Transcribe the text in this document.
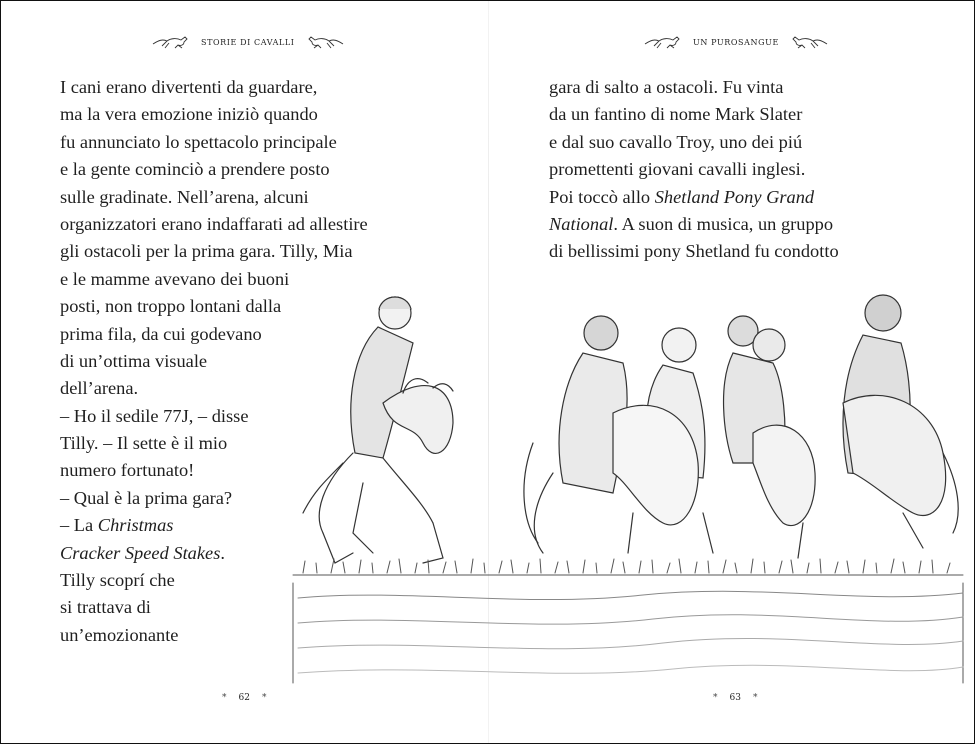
STORIE DI CAVALLI	UN PUROSANGUE
I cani erano divertenti da guardare,
ma la vera emozione iniziò quando
fu annunciato lo spettacolo principale
e la gente cominciò a prendere posto
sulle gradinate. Nell’arena, alcuni
organizzatori erano indaffarati ad allestire
gli ostacoli per la prima gara. Tilly, Mia
e le mamme avevano dei buoni
posti, non troppo lontani dalla
prima fila, da cui godevano
di un’ottima visuale
dell’arena.
– Ho il sedile 77J, – disse
Tilly. – Il sette è il mio
numero fortunato!
– Qual è la prima gara?
– La Christmas
Cracker Speed Stakes.
Tilly scoprí che
si trattava di
un’emozionante
gara di salto a ostacoli. Fu vinta
da un fantino di nome Mark Slater
e dal suo cavallo Troy, uno dei piú
promettenti giovani cavalli inglesi.
Poi toccò allo Shetland Pony Grand
National. A suon di musica, un gruppo
di bellissimi pony Shetland fu condotto
* 62 *	* 63 *
